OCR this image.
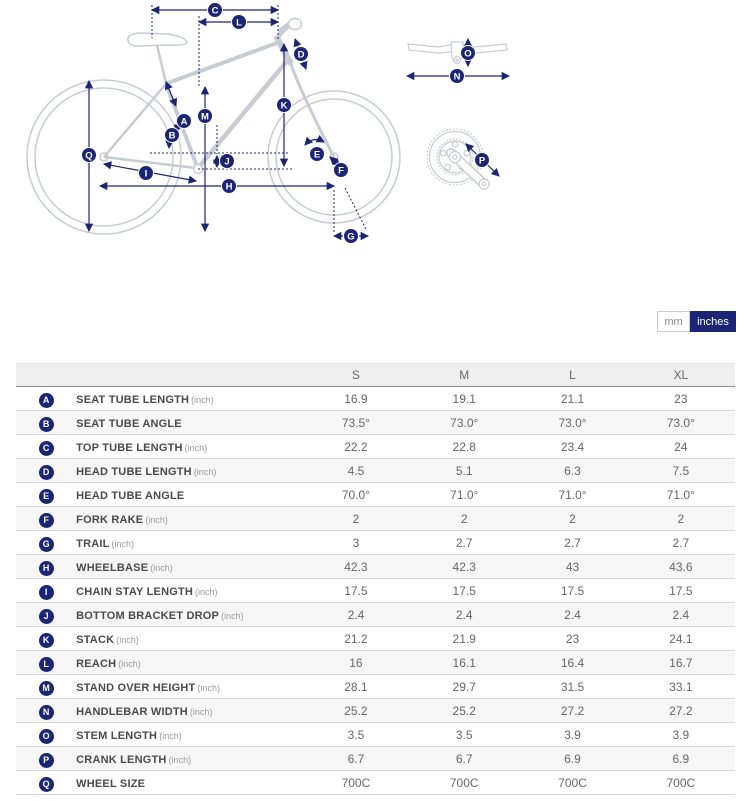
A
B
C
D
E
F
G
H
I
J
K
L
M
N
O
P
Q
mm	inches
		S	M	L	XL
A	SEAT TUBE LENGTH (inch)	16.9	19.1	21.1	23
B	SEAT TUBE ANGLE	73.5°	73.0°	73.0°	73.0°
C	TOP TUBE LENGTH (inch)	22.2	22.8	23.4	24
D	HEAD TUBE LENGTH (inch)	4.5	5.1	6.3	7.5
E	HEAD TUBE ANGLE	70.0°	71.0°	71.0°	71.0°
F	FORK RAKE (inch)	2	2	2	2
G	TRAIL (inch)	3	2.7	2.7	2.7
H	WHEELBASE (inch)	42.3	42.3	43	43.6
I	CHAIN STAY LENGTH (inch)	17.5	17.5	17.5	17.5
J	BOTTOM BRACKET DROP (inch)	2.4	2.4	2.4	2.4
K	STACK (inch)	21.2	21.9	23	24.1
L	REACH (inch)	16	16.1	16.4	16.7
M	STAND OVER HEIGHT (inch)	28.1	29.7	31.5	33.1
N	HANDLEBAR WIDTH (inch)	25.2	25.2	27.2	27.2
O	STEM LENGTH (inch)	3.5	3.5	3.9	3.9
P	CRANK LENGTH (inch)	6.7	6.7	6.9	6.9
Q	WHEEL SIZE	700C	700C	700C	700C
